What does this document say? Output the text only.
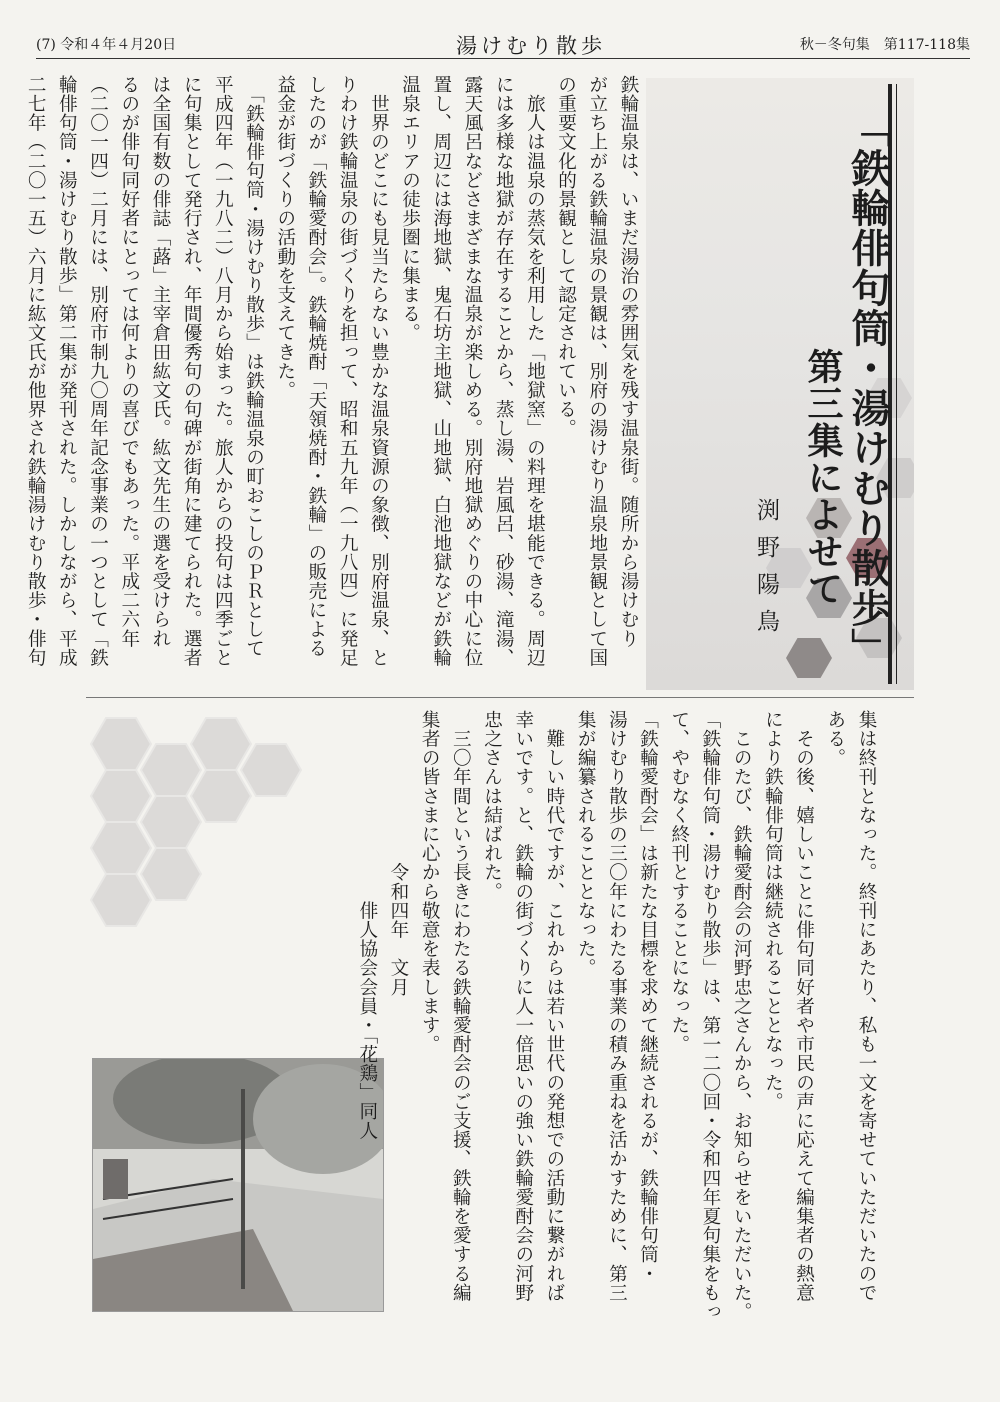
(7) 令和４年４月20日	湯けむり散歩	秋－冬句集　第117-118集
「鉄輪俳句筒・湯けむり散歩」
第三集によせて
渕野陽鳥
鉄輪温泉は、いまだ湯治の雰囲気を残す温泉街。随所から湯けむり
が立ち上がる鉄輪温泉の景観は、別府の湯けむり温泉地景観として国
の重要文化的景観として認定されている。
　旅人は温泉の蒸気を利用した「地獄窯」の料理を堪能できる。周辺
には多様な地獄が存在することから、蒸し湯、岩風呂、砂湯、滝湯、
露天風呂などさまざまな温泉が楽しめる。別府地獄めぐりの中心に位
置し、周辺には海地獄、鬼石坊主地獄、山地獄、白池地獄などが鉄輪
温泉エリアの徒歩圏に集まる。
　世界のどこにも見当たらない豊かな温泉資源の象徴、別府温泉、と
りわけ鉄輪温泉の街づくりを担って、昭和五九年（一九八四）に発足
したのが「鉄輪愛酎会」。鉄輪焼酎「天領焼酎・鉄輪」の販売による
益金が街づくりの活動を支えてきた。
　「鉄輪俳句筒・湯けむり散歩」は鉄輪温泉の町おこしのＰＲとして
平成四年（一九八二）八月から始まった。旅人からの投句は四季ごと
に句集として発行され、年間優秀句の句碑が街角に建てられた。選者
は全国有数の俳誌「蕗」主宰倉田紘文氏。紘文先生の選を受けられ
るのが俳句同好者にとっては何よりの喜びでもあった。平成二六年
（二〇一四）二月には、別府市制九〇周年記念事業の一つとして「鉄
輪俳句筒・湯けむり散歩」第二集が発刊された。しかしながら、平成
二七年（二〇一五）六月に紘文氏が他界され鉄輪湯けむり散歩・俳句
集は終刊となった。終刊にあたり、私も一文を寄せていただいたので
ある。
　その後、嬉しいことに俳句同好者や市民の声に応えて編集者の熱意
により鉄輪俳句筒は継続されることとなった。
　このたび、鉄輪愛酎会の河野忠之さんから、お知らせをいただいた。
「鉄輪俳句筒・湯けむり散歩」は、第一二〇回・令和四年夏句集をもっ
て、やむなく終刊とすることになった。
「鉄輪愛酎会」は新たな目標を求めて継続されるが、鉄輪俳句筒・
湯けむり散歩の三〇年にわたる事業の積み重ねを活かすために、第三
集が編纂されることとなった。
　難しい時代ですが、これからは若い世代の発想での活動に繋がれば
幸いです。と、鉄輪の街づくりに人一倍思いの強い鉄輪愛酎会の河野
忠之さんは結ばれた。
　三〇年間という長きにわたる鉄輪愛酎会のご支援、鉄輪を愛する編
集者の皆さまに心から敬意を表します。
　　　　　　　　令和四年　文月
　　　　　　　　　　俳人協会会員・「花鶏」同人
